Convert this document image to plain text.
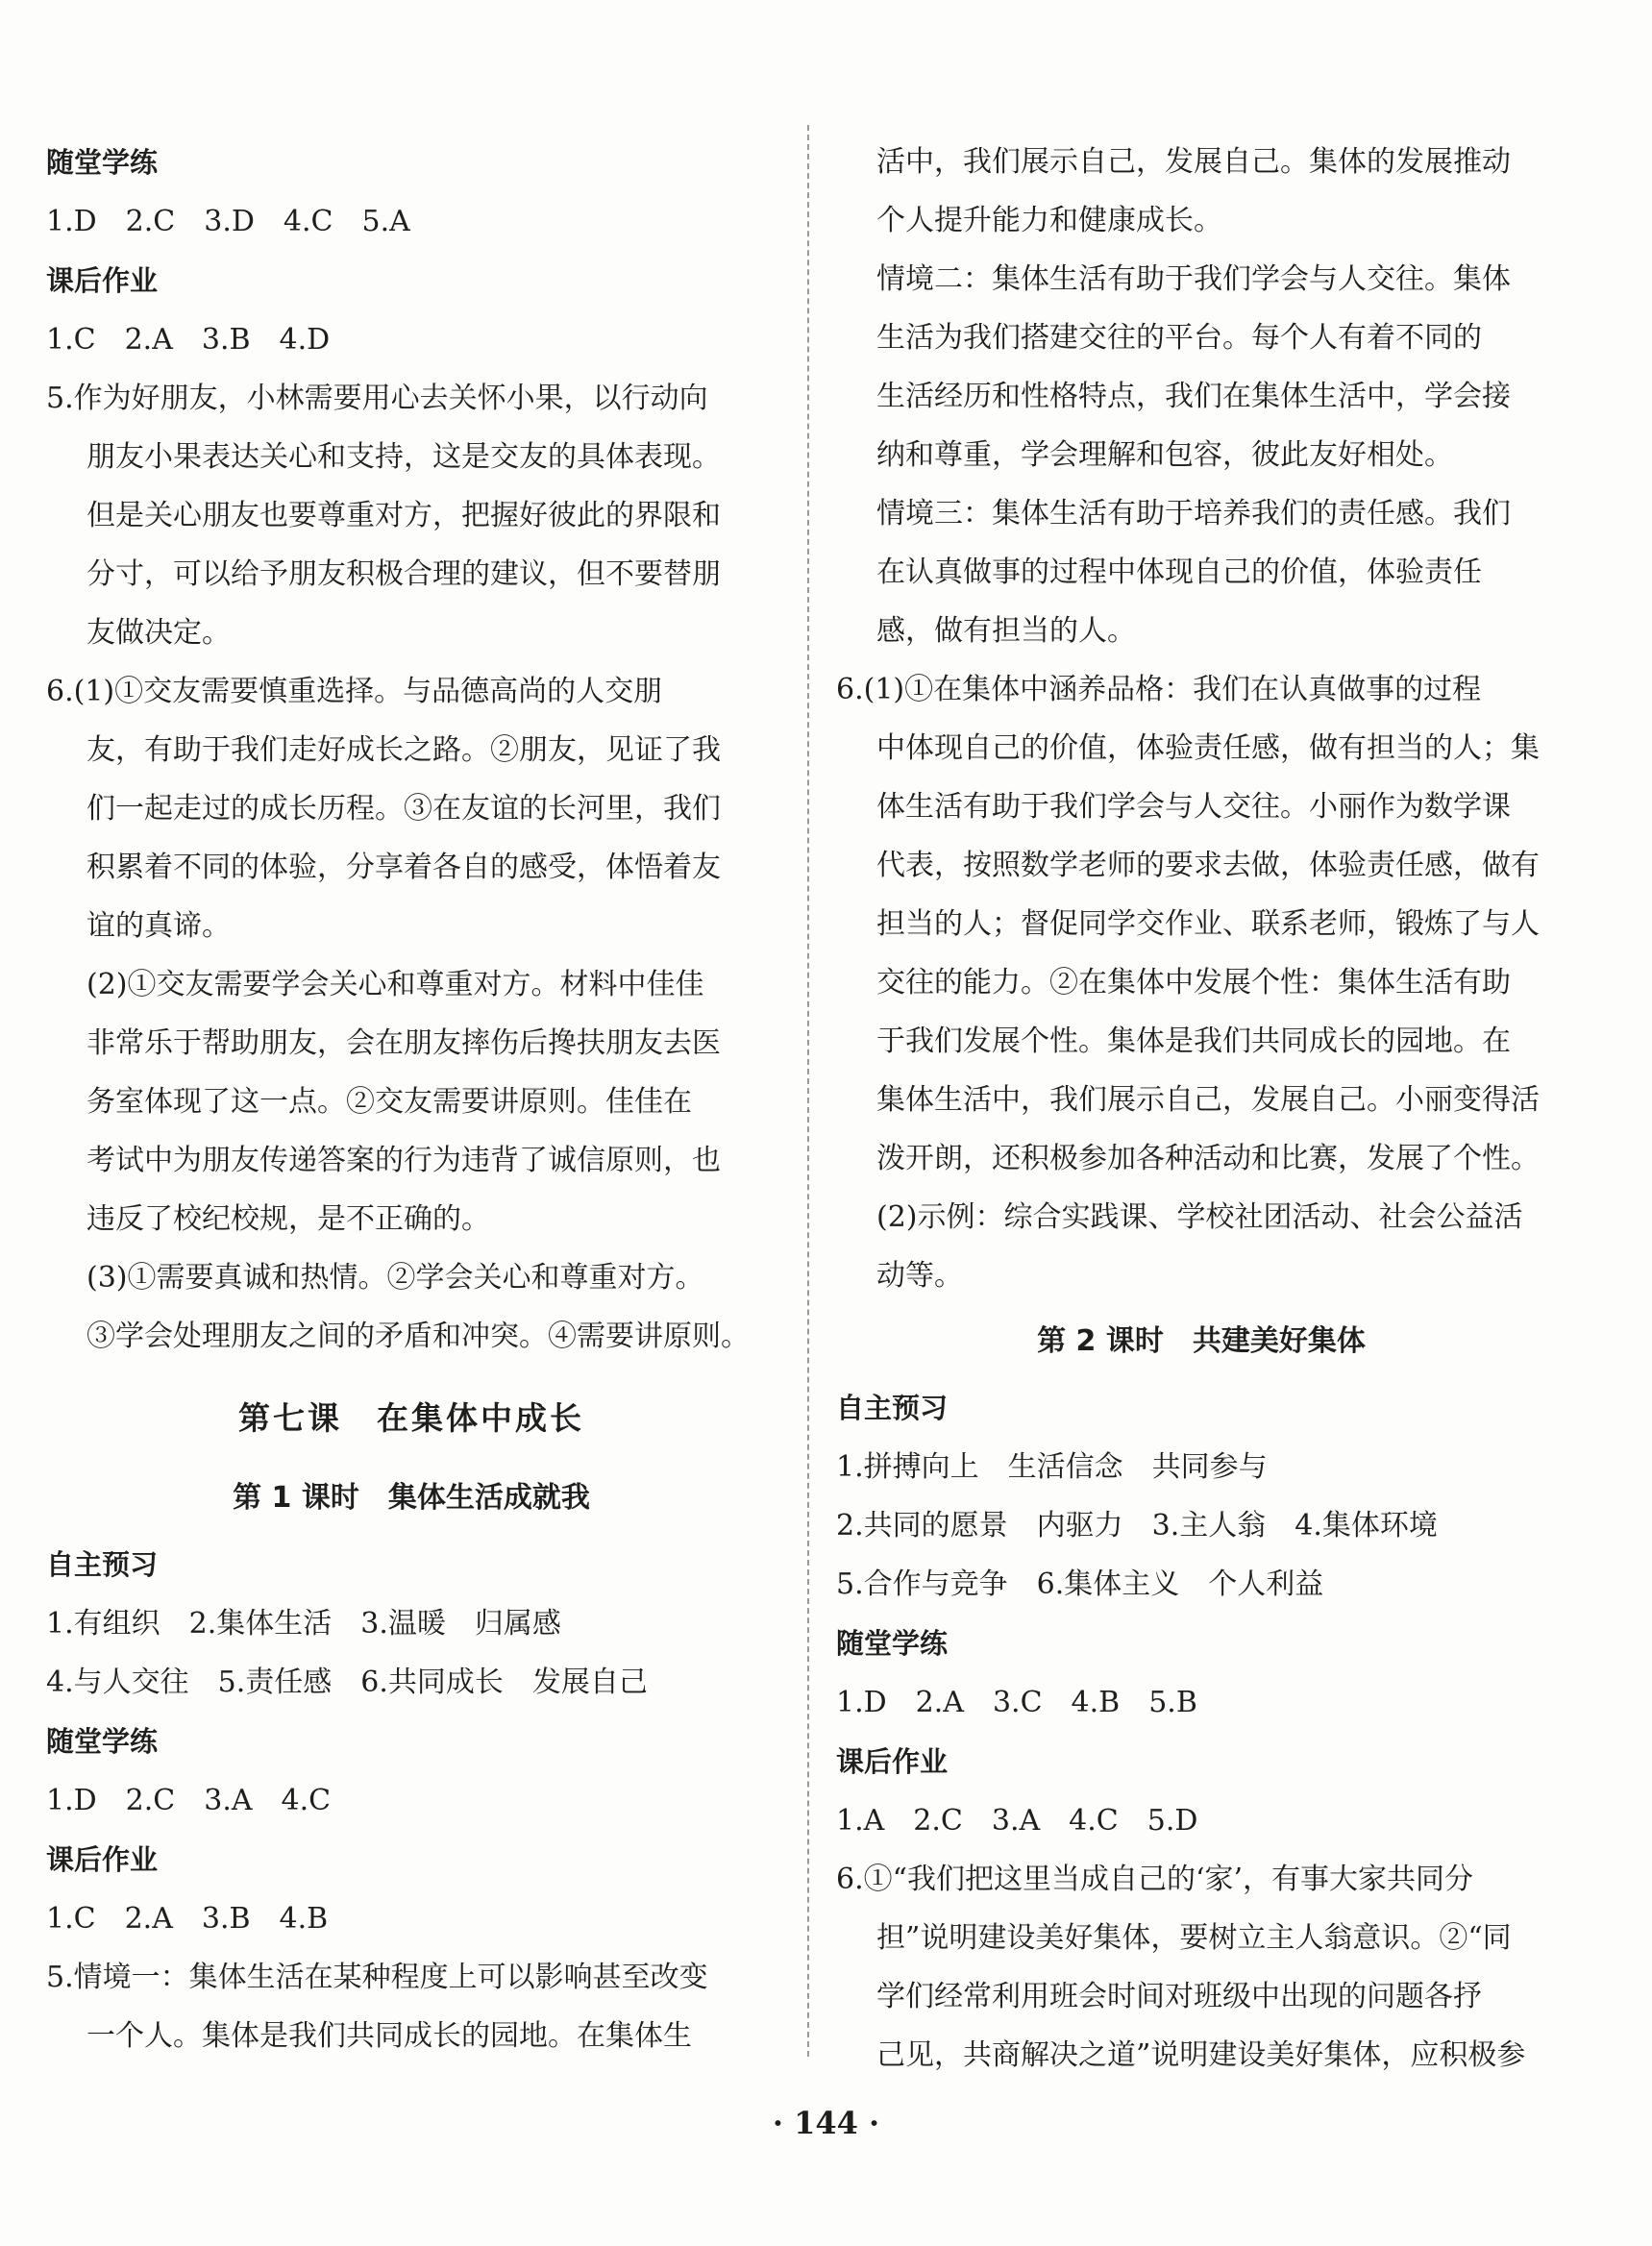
随堂学练
1.D　2.C　3.D　4.C　5.A
课后作业
1.C　2.A　3.B　4.D
5.作为好朋友，小林需要用心去关怀小果，以行动向
朋友小果表达关心和支持，这是交友的具体表现。
但是关心朋友也要尊重对方，把握好彼此的界限和
分寸，可以给予朋友积极合理的建议，但不要替朋
友做决定。
6.(1)①交友需要慎重选择。与品德高尚的人交朋
友，有助于我们走好成长之路。②朋友，见证了我
们一起走过的成长历程。③在友谊的长河里，我们
积累着不同的体验，分享着各自的感受，体悟着友
谊的真谛。
(2)①交友需要学会关心和尊重对方。材料中佳佳
非常乐于帮助朋友，会在朋友摔伤后搀扶朋友去医
务室体现了这一点。②交友需要讲原则。佳佳在
考试中为朋友传递答案的行为违背了诚信原则，也
违反了校纪校规，是不正确的。
(3)①需要真诚和热情。②学会关心和尊重对方。
③学会处理朋友之间的矛盾和冲突。④需要讲原则。
第七课　在集体中成长
第 1 课时　集体生活成就我
自主预习
1.有组织　2.集体生活　3.温暖　归属感
4.与人交往　5.责任感　6.共同成长　发展自己
随堂学练
1.D　2.C　3.A　4.C
课后作业
1.C　2.A　3.B　4.B
5.情境一：集体生活在某种程度上可以影响甚至改变
一个人。集体是我们共同成长的园地。在集体生
活中，我们展示自己，发展自己。集体的发展推动
个人提升能力和健康成长。
情境二：集体生活有助于我们学会与人交往。集体
生活为我们搭建交往的平台。每个人有着不同的
生活经历和性格特点，我们在集体生活中，学会接
纳和尊重，学会理解和包容，彼此友好相处。
情境三：集体生活有助于培养我们的责任感。我们
在认真做事的过程中体现自己的价值，体验责任
感，做有担当的人。
6.(1)①在集体中涵养品格：我们在认真做事的过程
中体现自己的价值，体验责任感，做有担当的人；集
体生活有助于我们学会与人交往。小丽作为数学课
代表，按照数学老师的要求去做，体验责任感，做有
担当的人；督促同学交作业、联系老师，锻炼了与人
交往的能力。②在集体中发展个性：集体生活有助
于我们发展个性。集体是我们共同成长的园地。在
集体生活中，我们展示自己，发展自己。小丽变得活
泼开朗，还积极参加各种活动和比赛，发展了个性。
(2)示例：综合实践课、学校社团活动、社会公益活
动等。
第 2 课时　共建美好集体
自主预习
1.拼搏向上　生活信念　共同参与
2.共同的愿景　内驱力　3.主人翁　4.集体环境
5.合作与竞争　6.集体主义　个人利益
随堂学练
1.D　2.A　3.C　4.B　5.B
课后作业
1.A　2.C　3.A　4.C　5.D
6.①“我们把这里当成自己的‘家’，有事大家共同分
担”说明建设美好集体，要树立主人翁意识。②“同
学们经常利用班会时间对班级中出现的问题各抒
己见，共商解决之道”说明建设美好集体，应积极参
· 144 ·
